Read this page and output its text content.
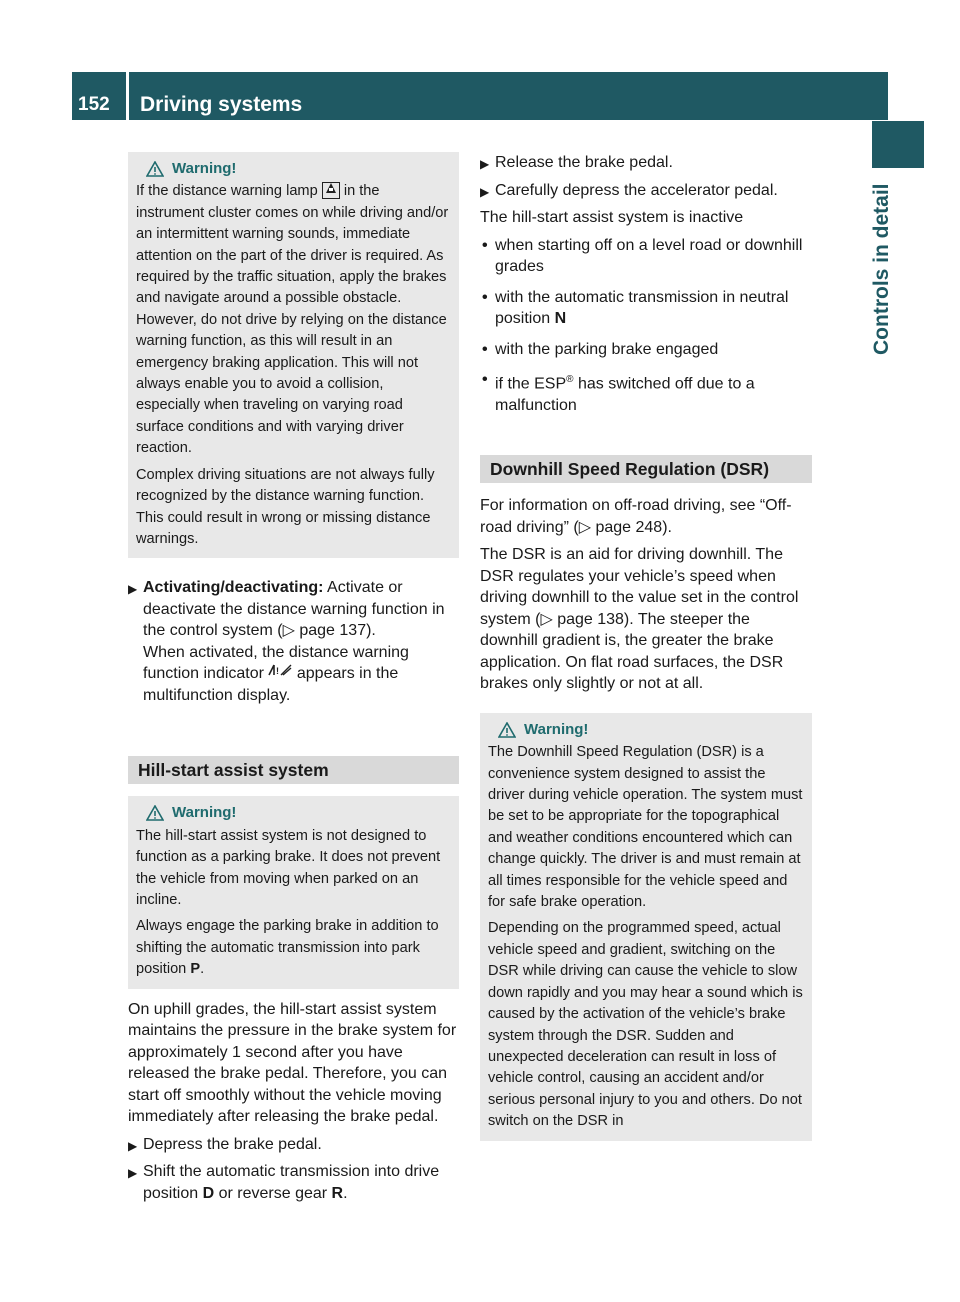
152	Driving systems
Controls in detail
Warning!

If the distance warning lamp in the instrument cluster comes on while driving and/or an intermittent warning sounds, immediate attention on the part of the driver is required. As required by the traffic situation, apply the brakes and navigate around a possible obstacle. However, do not drive by relying on the distance warning function, as this will result in an emergency braking application. This will not always enable you to avoid a collision, especially when traveling on varying road surface conditions and with varying driver reaction.

Complex driving situations are not always fully recognized by the distance warning function. This could result in wrong or missing distance warnings.

▶ Activating/deactivating: Activate or deactivate the distance warning function in the control system (▷ page 137).
When activated, the distance warning function indicator ! appears in the multifunction display.
Hill-start assist system
Warning!

The hill-start assist system is not designed to function as a parking brake. It does not prevent the vehicle from moving when parked on an incline.

Always engage the parking brake in addition to shifting the automatic transmission into park position P.

On uphill grades, the hill-start assist system maintains the pressure in the brake system for approximately 1 second after you have released the brake pedal. Therefore, you can start off smoothly without the vehicle moving immediately after releasing the brake pedal.

▶ Depress the brake pedal.
▶ Shift the automatic transmission into drive position D or reverse gear R.
▶ Release the brake pedal.
▶ Carefully depress the accelerator pedal.

The hill-start assist system is inactive

• when starting off on a level road or downhill grades
• with the automatic transmission in neutral position N
• with the parking brake engaged
• if the ESP® has switched off due to a malfunction
Downhill Speed Regulation (DSR)

For information on off-road driving, see “Off-road driving” (▷ page 248).

The DSR is an aid for driving downhill. The DSR regulates your vehicle’s speed when driving downhill to the value set in the control system (▷ page 138). The steeper the downhill gradient is, the greater the brake application. On flat road surfaces, the DSR brakes only slightly or not at all.

Warning!

The Downhill Speed Regulation (DSR) is a convenience system designed to assist the driver during vehicle operation. The system must be set to be appropriate for the topographical and weather conditions encountered which can change quickly. The driver is and must remain at all times responsible for the vehicle speed and for safe brake operation.

Depending on the programmed speed, actual vehicle speed and gradient, switching on the DSR while driving can cause the vehicle to slow down rapidly and you may hear a sound which is caused by the activation of the vehicle’s brake system through the DSR. Sudden and unexpected deceleration can result in loss of vehicle control, causing an accident and/or serious personal injury to you and others. Do not switch on the DSR in
